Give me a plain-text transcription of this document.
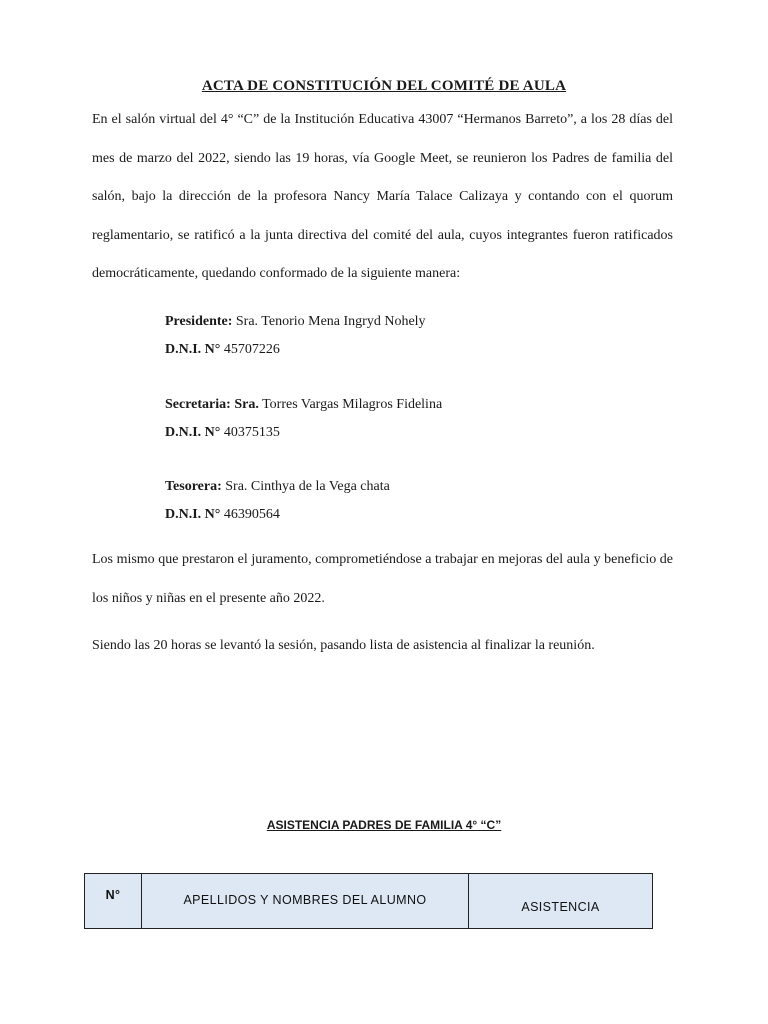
ACTA DE CONSTITUCIÓN DEL COMITÉ DE AULA

En el salón virtual del 4° “C” de la Institución Educativa 43007 “Hermanos Barreto”, a los 28 días del mes de marzo del 2022, siendo las 19 horas, vía Google Meet, se reunieron los Padres de familia del salón, bajo la dirección de la profesora Nancy María Talace Calizaya y contando con el quorum reglamentario, se ratificó a la junta directiva del comité del aula, cuyos integrantes fueron ratificados democráticamente, quedando conformado de la siguiente manera:

Presidente: Sra. Tenorio Mena Ingryd Nohely
D.N.I. N° 45707226
Secretaria: Sra. Torres Vargas Milagros Fidelina
D.N.I. N° 40375135
Tesorera: Sra. Cinthya de la Vega chata
D.N.I. N° 46390564

Los mismo que prestaron el juramento, comprometiéndose a trabajar en mejoras del aula y beneficio de los niños y niñas en el presente año 2022.

Siendo las 20 horas se levantó la sesión, pasando lista de asistencia al finalizar la reunión.

ASISTENCIA PADRES DE FAMILIA 4° “C”
N°	APELLIDOS Y NOMBRES DEL ALUMNO	ASISTENCIA
